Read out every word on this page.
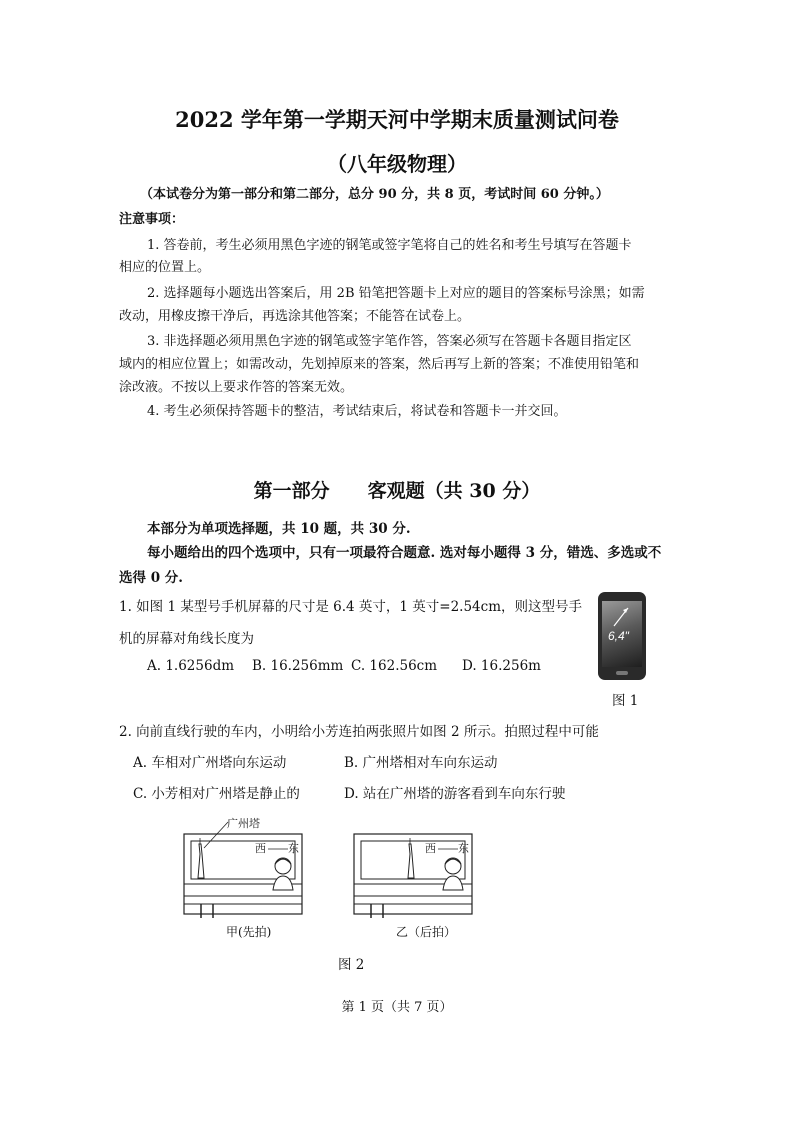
2022 学年第一学期天河中学期末质量测试问卷
（八年级物理）
（本试卷分为第一部分和第二部分，总分 90 分，共 8 页，考试时间 60 分钟。）
注意事项：
1. 答卷前，考生必须用黑色字迹的钢笔或签字笔将自己的姓名和考生号填写在答题卡
相应的位置上。
2. 选择题每小题选出答案后，用 2B 铅笔把答题卡上对应的题目的答案标号涂黑；如需
改动，用橡皮擦干净后，再选涂其他答案；不能答在试卷上。
3. 非选择题必须用黑色字迹的钢笔或签字笔作答，答案必须写在答题卡各题目指定区
域内的相应位置上；如需改动，先划掉原来的答案，然后再写上新的答案；不准使用铅笔和
涂改液。不按以上要求作答的答案无效。
4. 考生必须保持答题卡的整洁，考试结束后，将试卷和答题卡一并交回。
第一部分　　客观题（共 30 分）
本部分为单项选择题，共 10 题，共 30 分.
每小题给出的四个选项中，只有一项最符合题意. 选对每小题得 3 分，错选、多选或不
选得 0 分.
1. 如图 1 某型号手机屏幕的尺寸是 6.4 英寸，1 英寸=2.54cm，则这型号手
机的屏幕对角线长度为
A. 1.6256dm B. 16.256mm C. 162.56cm D. 16.256m
6,4"
图 1
2. 向前直线行驶的车内，小明给小芳连拍两张照片如图 2 所示。拍照过程中可能
A. 车相对广州塔向东运动	B. 广州塔相对车向东运动
C. 小芳相对广州塔是静止的	D. 站在广州塔的游客看到车向东行驶
广州塔
西 东
甲(先拍)
西 东
乙（后拍）
图 2
第 1 页（共 7 页）
